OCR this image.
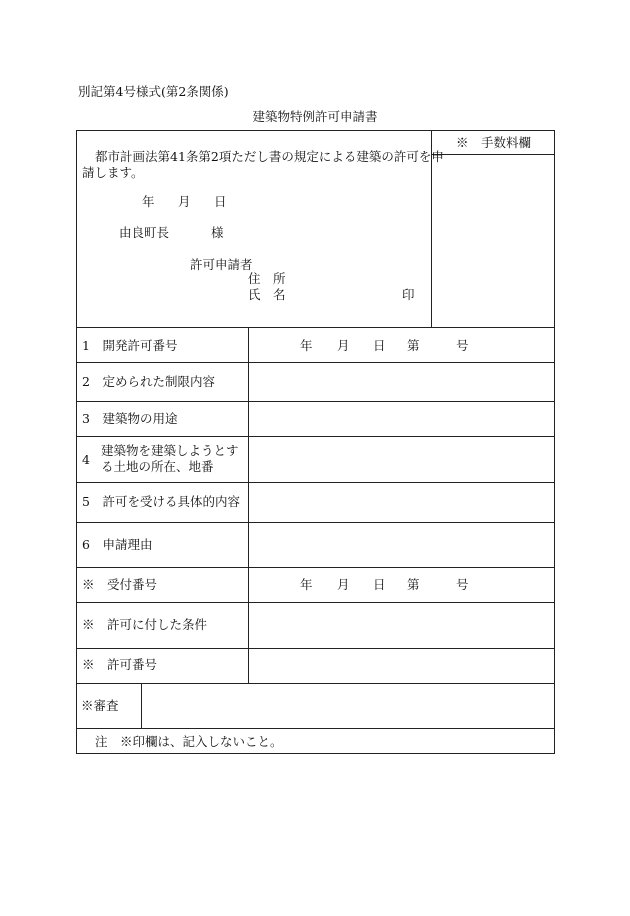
別記第4号様式(第2条関係)
建築物特例許可申請書
※　手数料欄
都市計画法第41条第2項ただし書の規定による建築の許可を申
請します。
年 月 日
由良町長	様
許可申請者
住　所
氏　名	印
1　開発許可番号	年 月 日 第	号
2　定められた制限内容
3　建築物の用途
4
建築物を建築しようとす
る土地の所在、地番
5　許可を受ける具体的内容
6　申請理由
※　受付番号	年 月 日 第	号
※　許可に付した条件
※　許可番号
※審査
注　※印欄は、記入しないこと。
